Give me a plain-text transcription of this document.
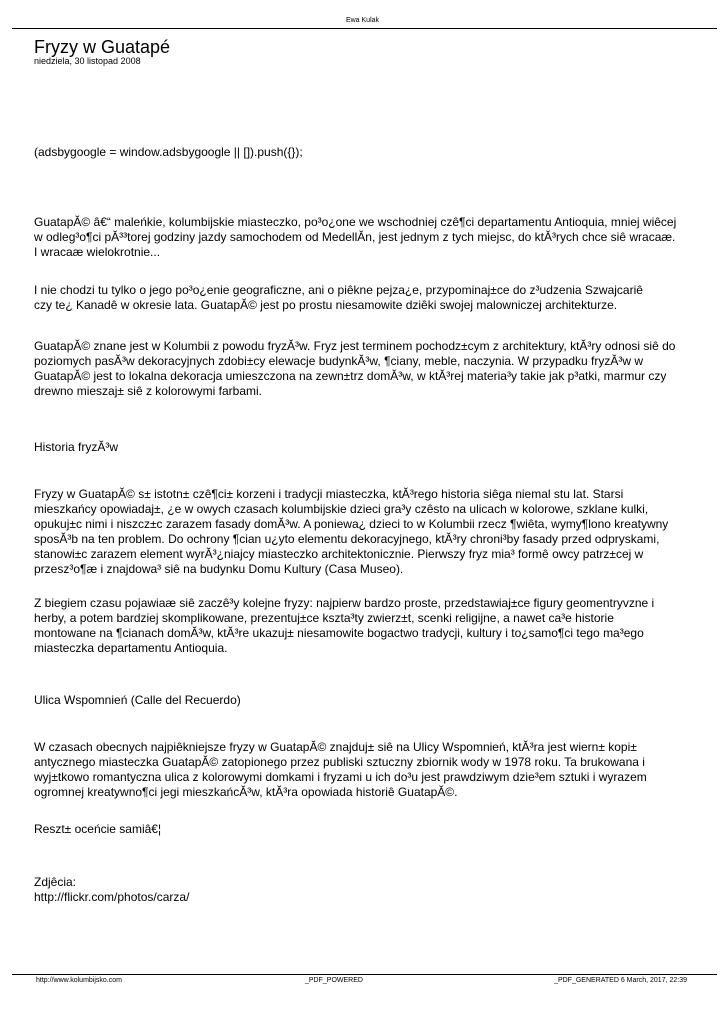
Ewa Kulak
Fryzy w Guatapé
niedziela, 30 listopad 2008

(adsbygoogle = window.adsbygoogle || []).push({});

GuatapĂ© â€“ maleńkie, kolumbijskie miasteczko, po³o¿one we wschodniej czê¶ci departamentu Antioquia, mniej wiêcej
w odleg³o¶ci pĂ³³torej godziny jazdy samochodem od MedellĂn, jest jednym z tych miejsc, do ktĂ³rych chce siê wracaæ.
I wracaæ wielokrotnie...

I nie chodzi tu tylko o jego po³o¿enie geograficzne, ani o piêkne pejza¿e, przypominaj±ce do z³udzenia Szwajcariê
czy te¿ Kanadê w okresie lata. GuatapĂ© jest po prostu niesamowite dziêki swojej malowniczej architekturze.

GuatapĂ© znane jest w Kolumbii z powodu fryzĂ³w. Fryz jest terminem pochodz±cym z architektury, ktĂ³ry odnosi siê do
poziomych pasĂ³w dekoracyjnych zdobi±cy elewacje budynkĂ³w, ¶ciany, meble, naczynia. W przypadku fryzĂ³w w
GuatapĂ© jest to lokalna dekoracja umieszczona na zewn±trz domĂ³w, w ktĂ³rej materia³y takie jak p³atki, marmur czy
drewno mieszaj± siê z kolorowymi farbami.

Historia fryzĂ³w

Fryzy w GuatapĂ© s± istotn± czê¶ci± korzeni i tradycji miasteczka, ktĂ³rego historia siêga niemal stu lat. Starsi
mieszkańcy opowiadaj±, ¿e w owych czasach kolumbijskie dzieci gra³y czêsto na ulicach w kolorowe, szklane kulki,
opukuj±c nimi i niszcz±c zarazem fasady domĂ³w. A poniewa¿ dzieci to w Kolumbii rzecz ¶wiêta, wymy¶lono kreatywny
sposĂ³b na ten problem. Do ochrony ¶cian u¿yto elementu dekoracyjnego, ktĂ³ry chroni³by fasady przed odpryskami,
stanowi±c zarazem element wyrĂ³¿niajcy miasteczko architektonicznie. Pierwszy fryz mia³ formê owcy patrz±cej w
przesz³o¶æ i znajdowa³ siê na budynku Domu Kultury (Casa Museo).

Z biegiem czasu pojawiaæ siê zaczê³y kolejne fryzy: najpierw bardzo proste, przedstawiaj±ce figury geomentryvzne i
herby, a potem bardziej skomplikowane, prezentuj±ce kszta³ty zwierz±t, scenki religijne, a nawet ca³e historie
montowane na ¶cianach domĂ³w, ktĂ³re ukazuj± niesamowite bogactwo tradycji, kultury i to¿samo¶ci tego ma³ego
miasteczka departamentu Antioquia.

Ulica Wspomnień (Calle del Recuerdo)

W czasach obecnych najpiêkniejsze fryzy w GuatapĂ© znajduj± siê na Ulicy Wspomnień, ktĂ³ra jest wiern± kopi±
antycznego miasteczka GuatapĂ© zatopionego przez publiski sztuczny zbiornik wody w 1978 roku. Ta brukowana i
wyj±tkowo romantyczna ulica z kolorowymi domkami i fryzami u ich do³u jest prawdziwym dzie³em sztuki i wyrazem
ogromnej kreatywno¶ci jegi mieszkańcĂ³w, ktĂ³ra opowiada historiê GuatapĂ©.

Reszt± oceńcie samiâ€¦

Zdjêcia:

http://flickr.com/photos/carza/

http://www.kolumbijsko.com	_PDF_POWERED	_PDF_GENERATED 6 March, 2017, 22:39
